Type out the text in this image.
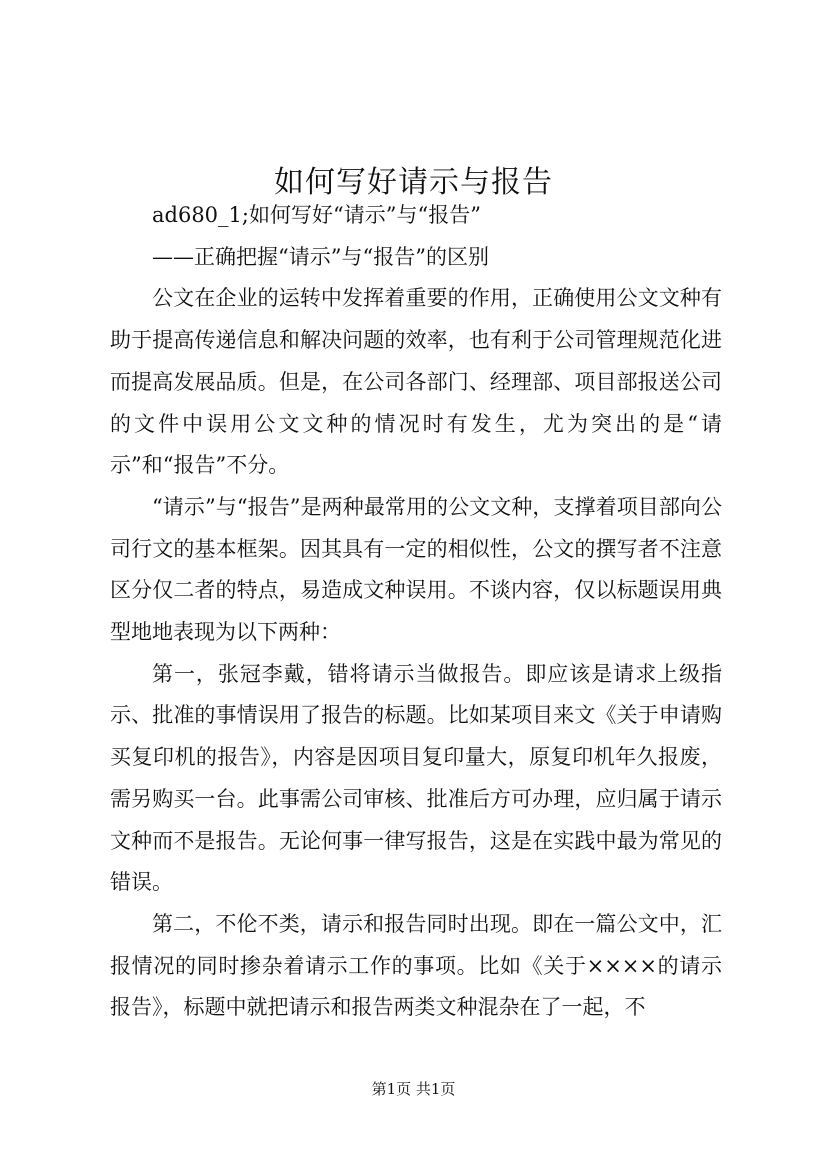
如何写好请示与报告

ad680_1;如何写好“请示”与“报告”

——正确把握“请示”与“报告”的区别

公文在企业的运转中发挥着重要的作用，正确使用公文文种有助于提高传递信息和解决问题的效率，也有利于公司管理规范化进而提高发展品质。但是，在公司各部门、经理部、项目部报送公司的文件中误用公文文种的情况时有发生，尤为突出的是“请示”和“报告”不分。

“请示”与“报告”是两种最常用的公文文种，支撑着项目部向公司行文的基本框架。因其具有一定的相似性，公文的撰写者不注意区分仅二者的特点，易造成文种误用。不谈内容，仅以标题误用典型地地表现为以下两种：

第一，张冠李戴，错将请示当做报告。即应该是请求上级指示、批准的事情误用了报告的标题。比如某项目来文《关于申请购买复印机的报告》，内容是因项目复印量大，原复印机年久报废，需另购买一台。此事需公司审核、批准后方可办理，应归属于请示文种而不是报告。无论何事一律写报告，这是在实践中最为常见的错误。

第二，不伦不类，请示和报告同时出现。即在一篇公文中，汇报情况的同时掺杂着请示工作的事项。比如《关于××××的请示报告》，标题中就把请示和报告两类文种混杂在了一起，不

第1页 共1页
